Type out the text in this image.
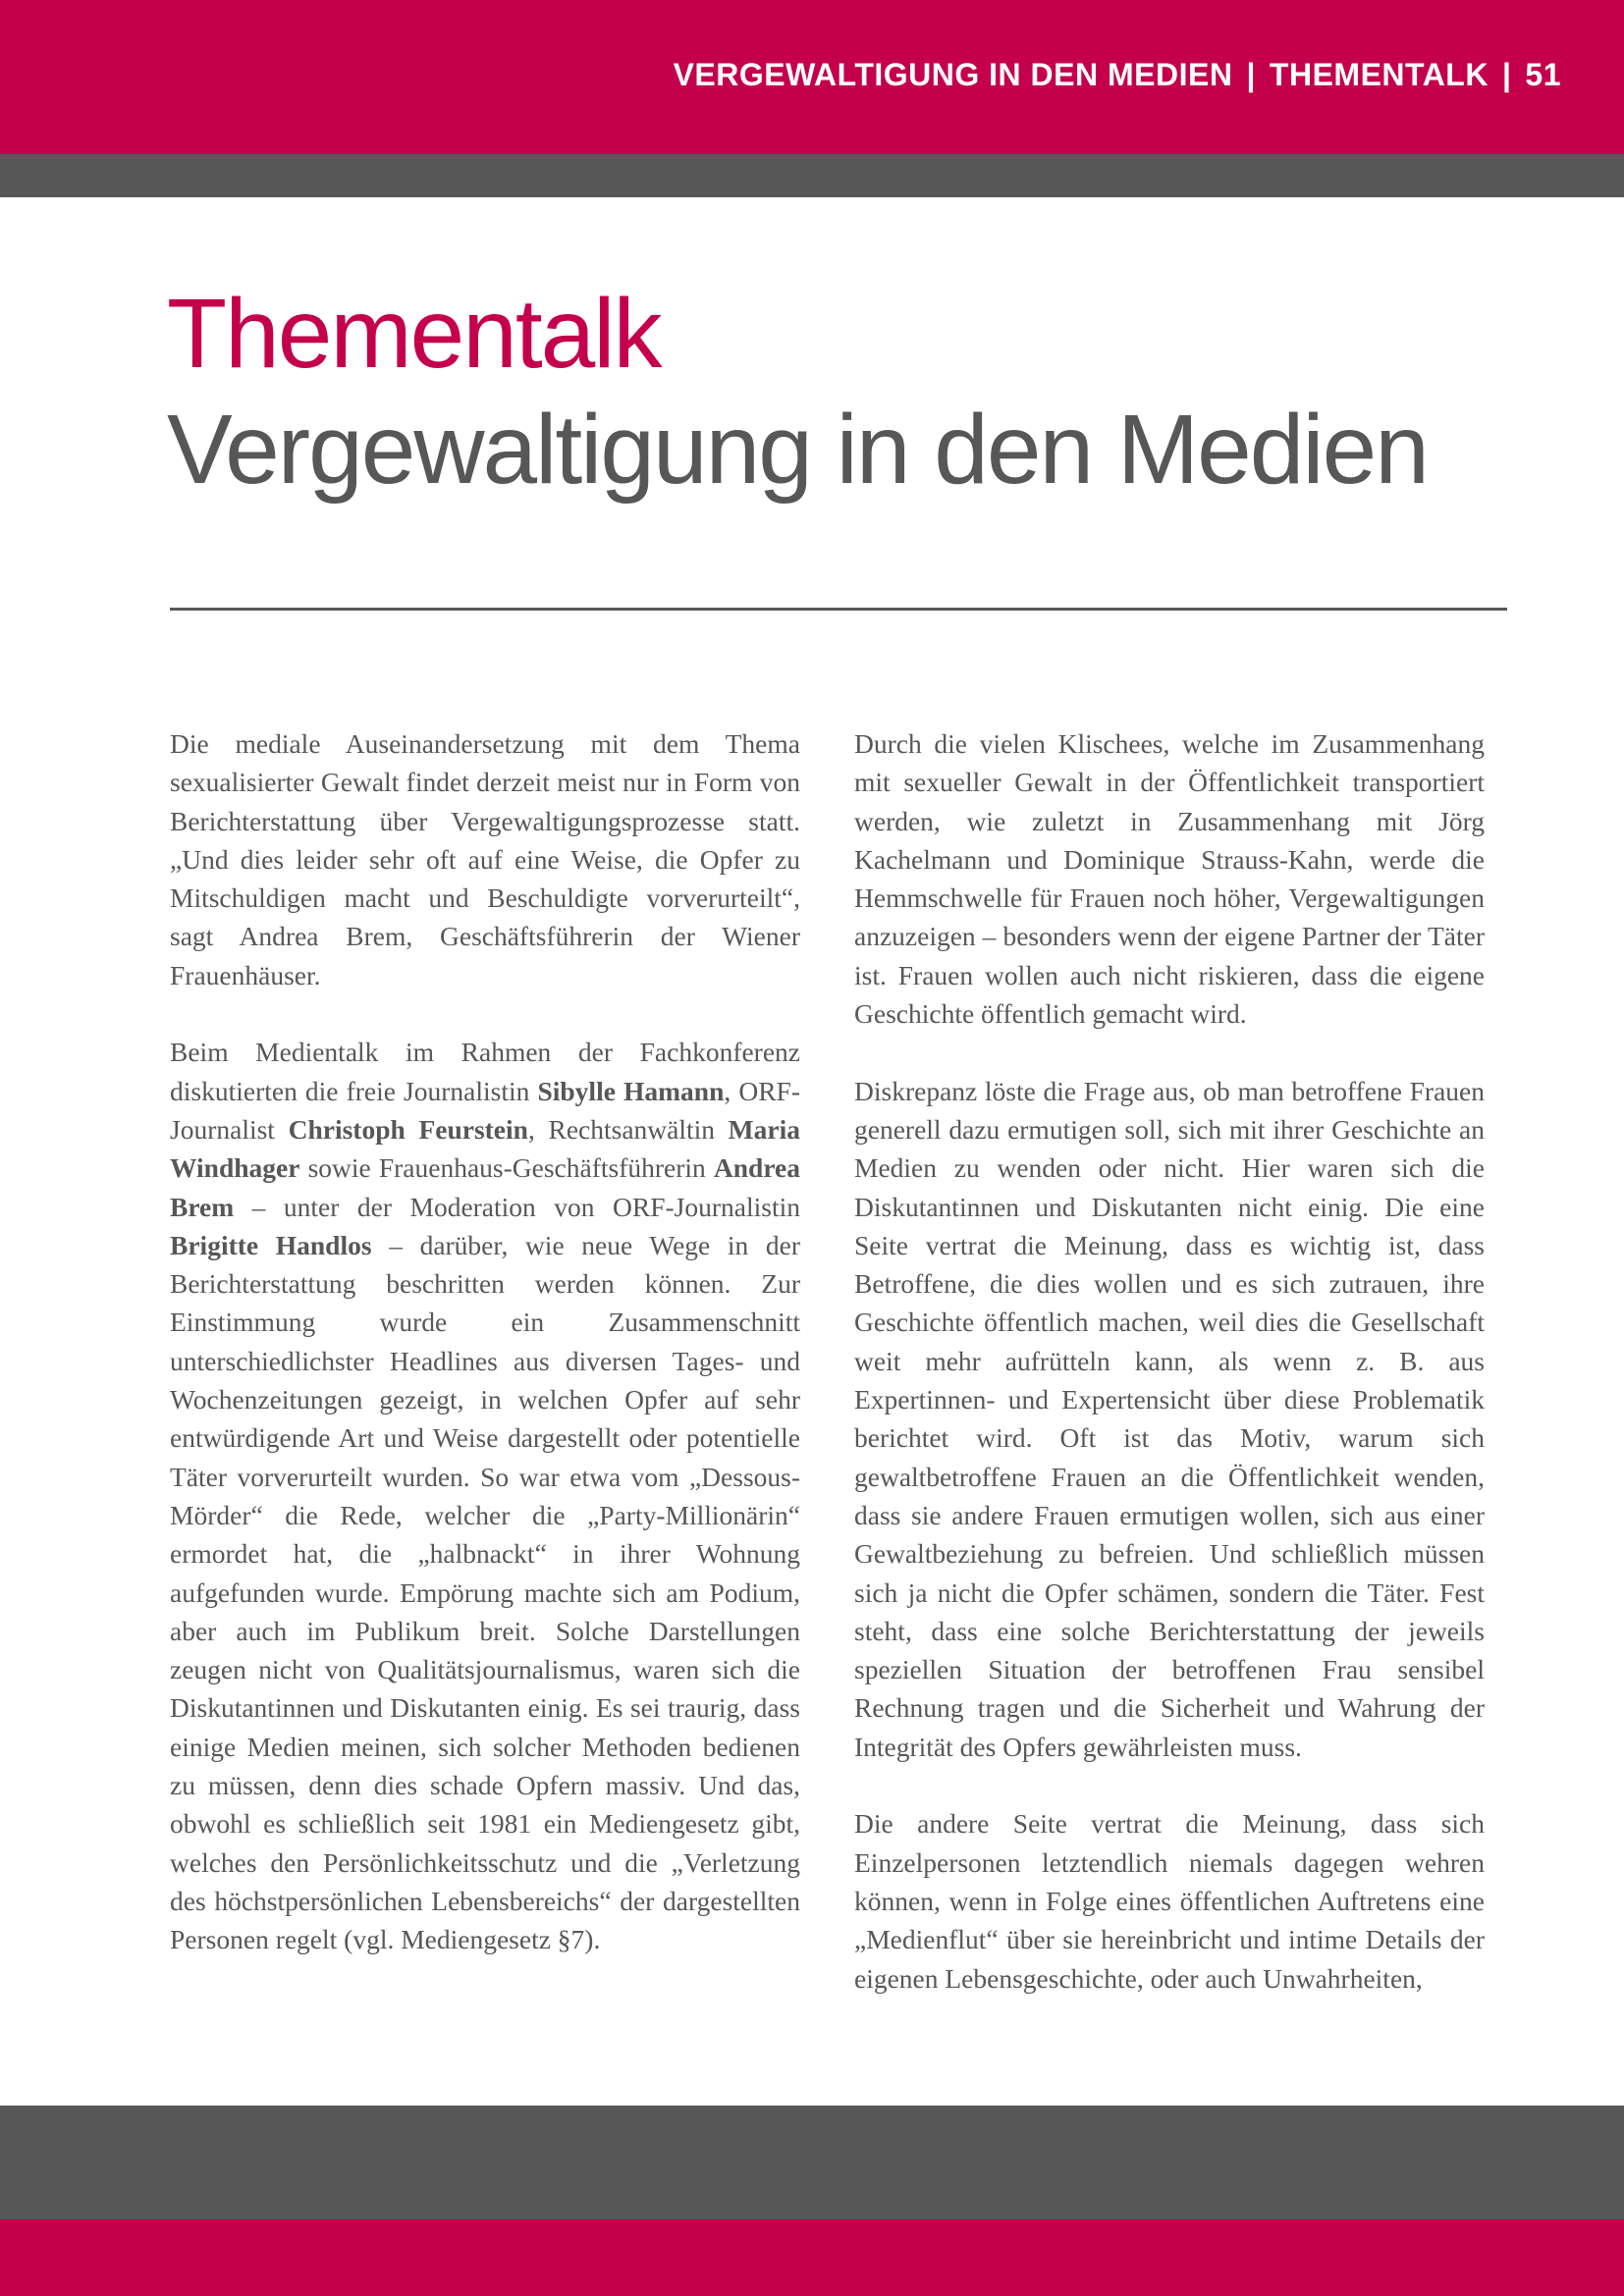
VERGEWALTIGUNG IN DEN MEDIEN | THEMENTALK | 51
Thementalk
Vergewaltigung in den Medien

Die mediale Auseinandersetzung mit dem Thema sexualisierter Gewalt findet derzeit meist nur in Form von Berichterstattung über Vergewaltigungsprozesse statt. „Und dies leider sehr oft auf eine Weise, die Opfer zu Mitschuldigen macht und Beschuldigte vorverurteilt“, sagt Andrea Brem, Geschäftsführerin der Wiener Frauenhäuser.

Beim Medientalk im Rahmen der Fachkonferenz diskutierten die freie Journalistin Sibylle Hamann, ORF-Journalist Christoph Feurstein, Rechtsanwältin Maria Windhager sowie Frauenhaus-Geschäftsführerin Andrea Brem – unter der Moderation von ORF-Journalistin Brigitte Handlos – darüber, wie neue Wege in der Berichterstattung beschritten werden können. Zur Einstimmung wurde ein Zusammenschnitt unterschiedlichster Headlines aus diversen Tages- und Wochenzeitungen gezeigt, in welchen Opfer auf sehr entwürdigende Art und Weise dargestellt oder potentielle Täter vorverurteilt wurden. So war etwa vom „Dessous-Mörder“ die Rede, welcher die „Party-Millionärin“ ermordet hat, die „halbnackt“ in ihrer Wohnung aufgefunden wurde. Empörung machte sich am Podium, aber auch im Publikum breit. Solche Darstellungen zeugen nicht von Qualitätsjournalismus, waren sich die Diskutantinnen und Diskutanten einig. Es sei traurig, dass einige Medien meinen, sich solcher Methoden bedienen zu müssen, denn dies schade Opfern massiv. Und das, obwohl es schließlich seit 1981 ein Mediengesetz gibt, welches den Persönlichkeitsschutz und die „Verletzung des höchstpersönlichen Lebensbereichs“ der dargestellten Personen regelt (vgl. Mediengesetz §7).

Durch die vielen Klischees, welche im Zusammenhang mit sexueller Gewalt in der Öffentlichkeit transportiert werden, wie zuletzt in Zusammenhang mit Jörg Kachelmann und Dominique Strauss-Kahn, werde die Hemmschwelle für Frauen noch höher, Vergewaltigungen anzuzeigen – besonders wenn der eigene Partner der Täter ist. Frauen wollen auch nicht riskieren, dass die eigene Geschichte öffentlich gemacht wird.

Diskrepanz löste die Frage aus, ob man betroffene Frauen generell dazu ermutigen soll, sich mit ihrer Geschichte an Medien zu wenden oder nicht. Hier waren sich die Diskutantinnen und Diskutanten nicht einig. Die eine Seite vertrat die Meinung, dass es wichtig ist, dass Betroffene, die dies wollen und es sich zutrauen, ihre Geschichte öffentlich machen, weil dies die Gesellschaft weit mehr aufrütteln kann, als wenn z. B. aus Expertinnen- und Expertensicht über diese Problematik berichtet wird. Oft ist das Motiv, warum sich gewaltbetroffene Frauen an die Öffentlichkeit wenden, dass sie andere Frauen ermutigen wollen, sich aus einer Gewaltbeziehung zu befreien. Und schließlich müssen sich ja nicht die Opfer schämen, sondern die Täter. Fest steht, dass eine solche Berichterstattung der jeweils speziellen Situation der betroffenen Frau sensibel Rechnung tragen und die Sicherheit und Wahrung der Integrität des Opfers gewährleisten muss.

Die andere Seite vertrat die Meinung, dass sich Einzelpersonen letztendlich niemals dagegen wehren können, wenn in Folge eines öffentlichen Auftretens eine „Medienflut“ über sie hereinbricht und intime Details der eigenen Lebensgeschichte, oder auch Unwahrheiten,
